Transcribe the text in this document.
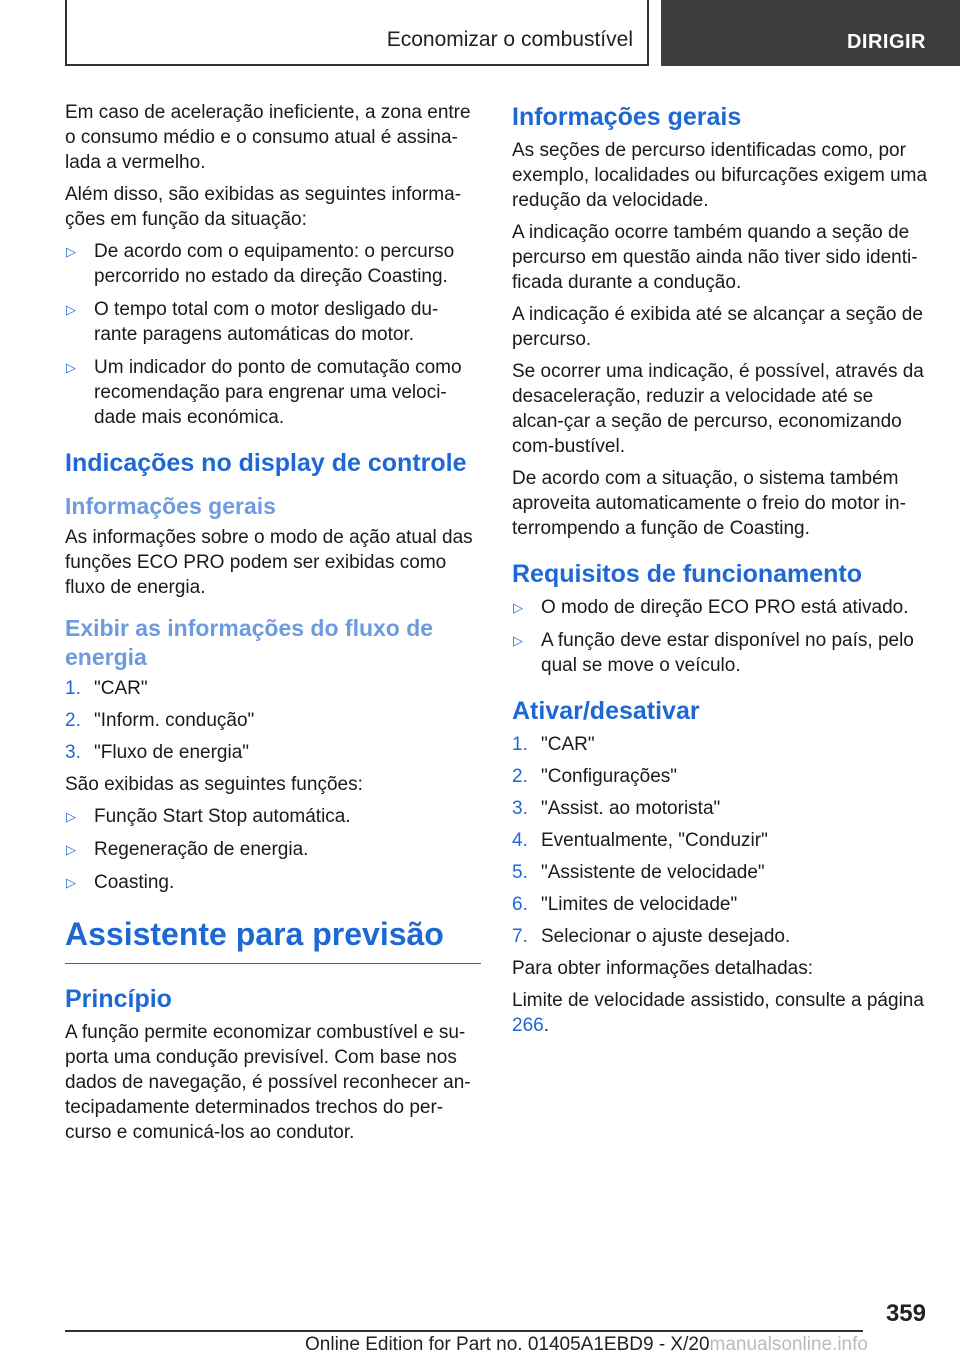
Economizar o combustível	DIRIGIR

Em caso de aceleração ineficiente, a zona entre o consumo médio e o consumo atual é assina-lada a vermelho.

Além disso, são exibidas as seguintes informa-ções em função da situação:

▷ De acordo com o equipamento: o percurso percorrido no estado da direção Coasting.
▷ O tempo total com o motor desligado du-rante paragens automáticas do motor.
▷ Um indicador do ponto de comutação como recomendação para engrenar uma veloci-dade mais económica.
Indicações no display de controle
Informações gerais

As informações sobre o modo de ação atual das funções ECO PRO podem ser exibidas como fluxo de energia.

Exibir as informações do fluxo de energia
1. "CAR"
2. "Inform. condução"
3. "Fluxo de energia"

São exibidas as seguintes funções:

▷ Função Start Stop automática.
▷ Regeneração de energia.
▷ Coasting.
Assistente para previsão
Princípio

A função permite economizar combustível e su-porta uma condução previsível. Com base nos dados de navegação, é possível reconhecer an-tecipadamente determinados trechos do per-curso e comunicá-los ao condutor.

Informações gerais

As seções de percurso identificadas como, por exemplo, localidades ou bifurcações exigem uma redução da velocidade.

A indicação ocorre também quando a seção de percurso em questão ainda não tiver sido identi-ficada durante a condução.

A indicação é exibida até se alcançar a seção de percurso.

Se ocorrer uma indicação, é possível, através da desaceleração, reduzir a velocidade até se alcan-çar a seção de percurso, economizando com-bustível.

De acordo com a situação, o sistema também aproveita automaticamente o freio do motor in-terrompendo a função de Coasting.

Requisitos de funcionamento
▷ O modo de direção ECO PRO está ativado.
▷ A função deve estar disponível no país, pelo qual se move o veículo.
Ativar/desativar
1. "CAR"
2. "Configurações"
3. "Assist. ao motorista"
4. Eventualmente, "Conduzir"
5. "Assistente de velocidade"
6. "Limites de velocidade"
7. Selecionar o ajuste desejado.

Para obter informações detalhadas:

Limite de velocidade assistido, consulte a página 266.

359
Online Edition for Part no. 01405A1EBD9 - X/20manualsonline.info
